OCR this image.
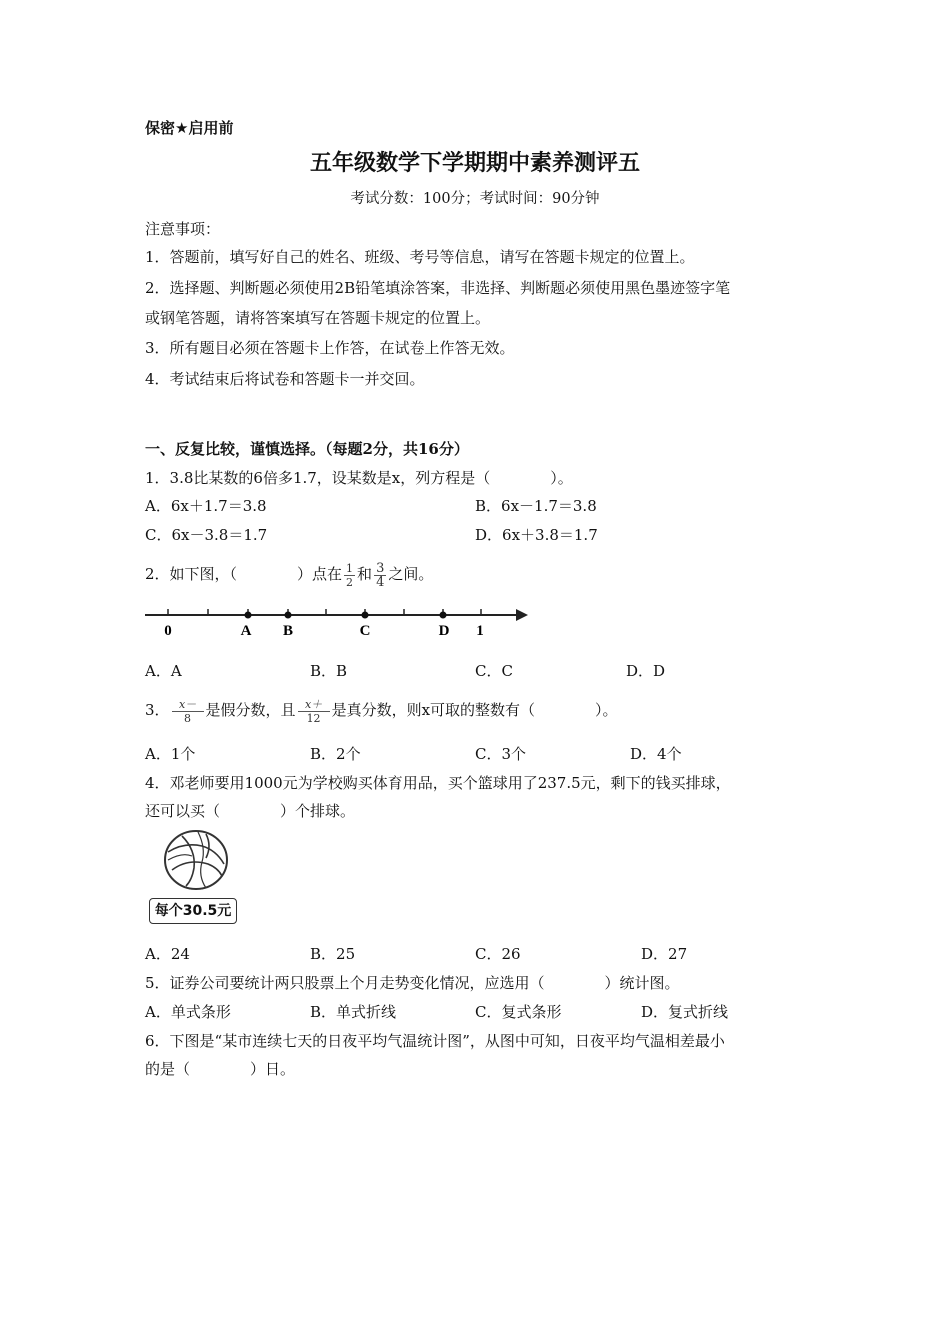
保密★启用前
五年级数学下学期期中素养测评五
考试分数：100分；考试时间：90分钟
注意事项：
1．答题前，填写好自己的姓名、班级、考号等信息，请写在答题卡规定的位置上。
2．选择题、判断题必须使用2B铅笔填涂答案，非选择、判断题必须使用黑色墨迹签字笔
或钢笔答题，请将答案填写在答题卡规定的位置上。
3．所有题目必须在答题卡上作答，在试卷上作答无效。
4．考试结束后将试卷和答题卡一并交回。
一、反复比较，谨慎选择。（每题2分，共16分）
1．3.8比某数的6倍多1.7，设某数是x，列方程是（　　　　）。
A．6x＋1.7＝3.8	B．6x－1.7＝3.8
C．6x－3.8＝1.7	D．6x＋3.8＝1.7
2．如下图，（　　　　）点在 $\frac{1}{2}$ 和 $\frac{3}{4}$ 之间。
0	A B	C	D 1
A．A	B．B	C．C	D．D
3． $\frac{x-}{8}$ 是假分数，且 $\frac{x+}{12}$ 是真分数，则x可取的整数有（　　　　）。
A．1个	B．2个	C．3个	D．4个
4．邓老师要用1000元为学校购买体育用品，买个篮球用了237.5元，剩下的钱买排球，
还可以买（　　　　）个排球。
每个30.5元
A．24	B．25	C．26	D．27
5．证券公司要统计两只股票上个月走势变化情况，应选用（　　　　）统计图。
A．单式条形	B．单式折线	C．复式条形	D．复式折线
6．下图是“某市连续七天的日夜平均气温统计图”，从图中可知，日夜平均气温相差最小
的是（　　　　）日。
